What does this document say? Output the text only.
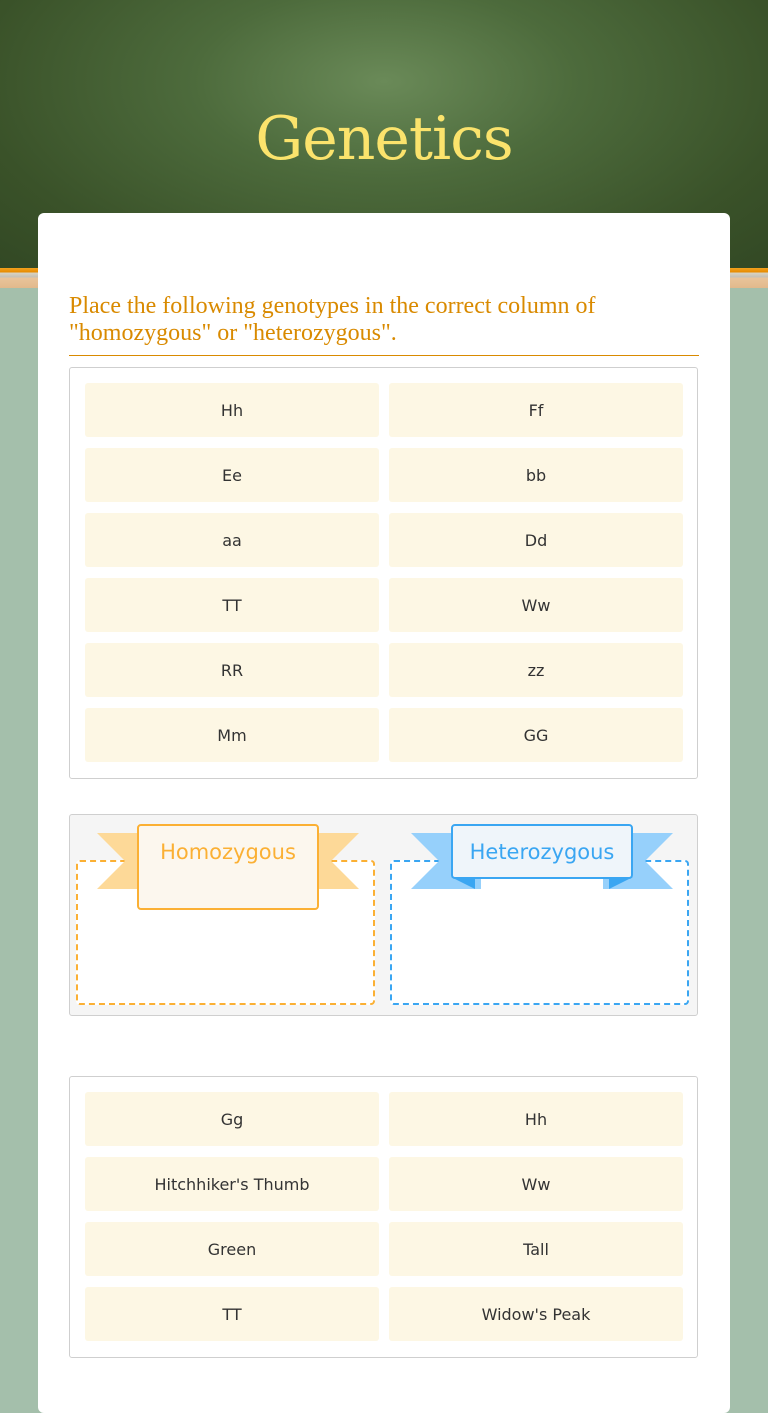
Genetics
Place the following genotypes in the correct column of "homozygous" or "heterozygous".
Hh	Ff
Ee	bb
aa	Dd
TT	Ww
RR	zz
Mm	GG
Homozygous	Heterozygous
Gg	Hh
Hitchhiker's Thumb	Ww
Green	Tall
TT	Widow's Peak
